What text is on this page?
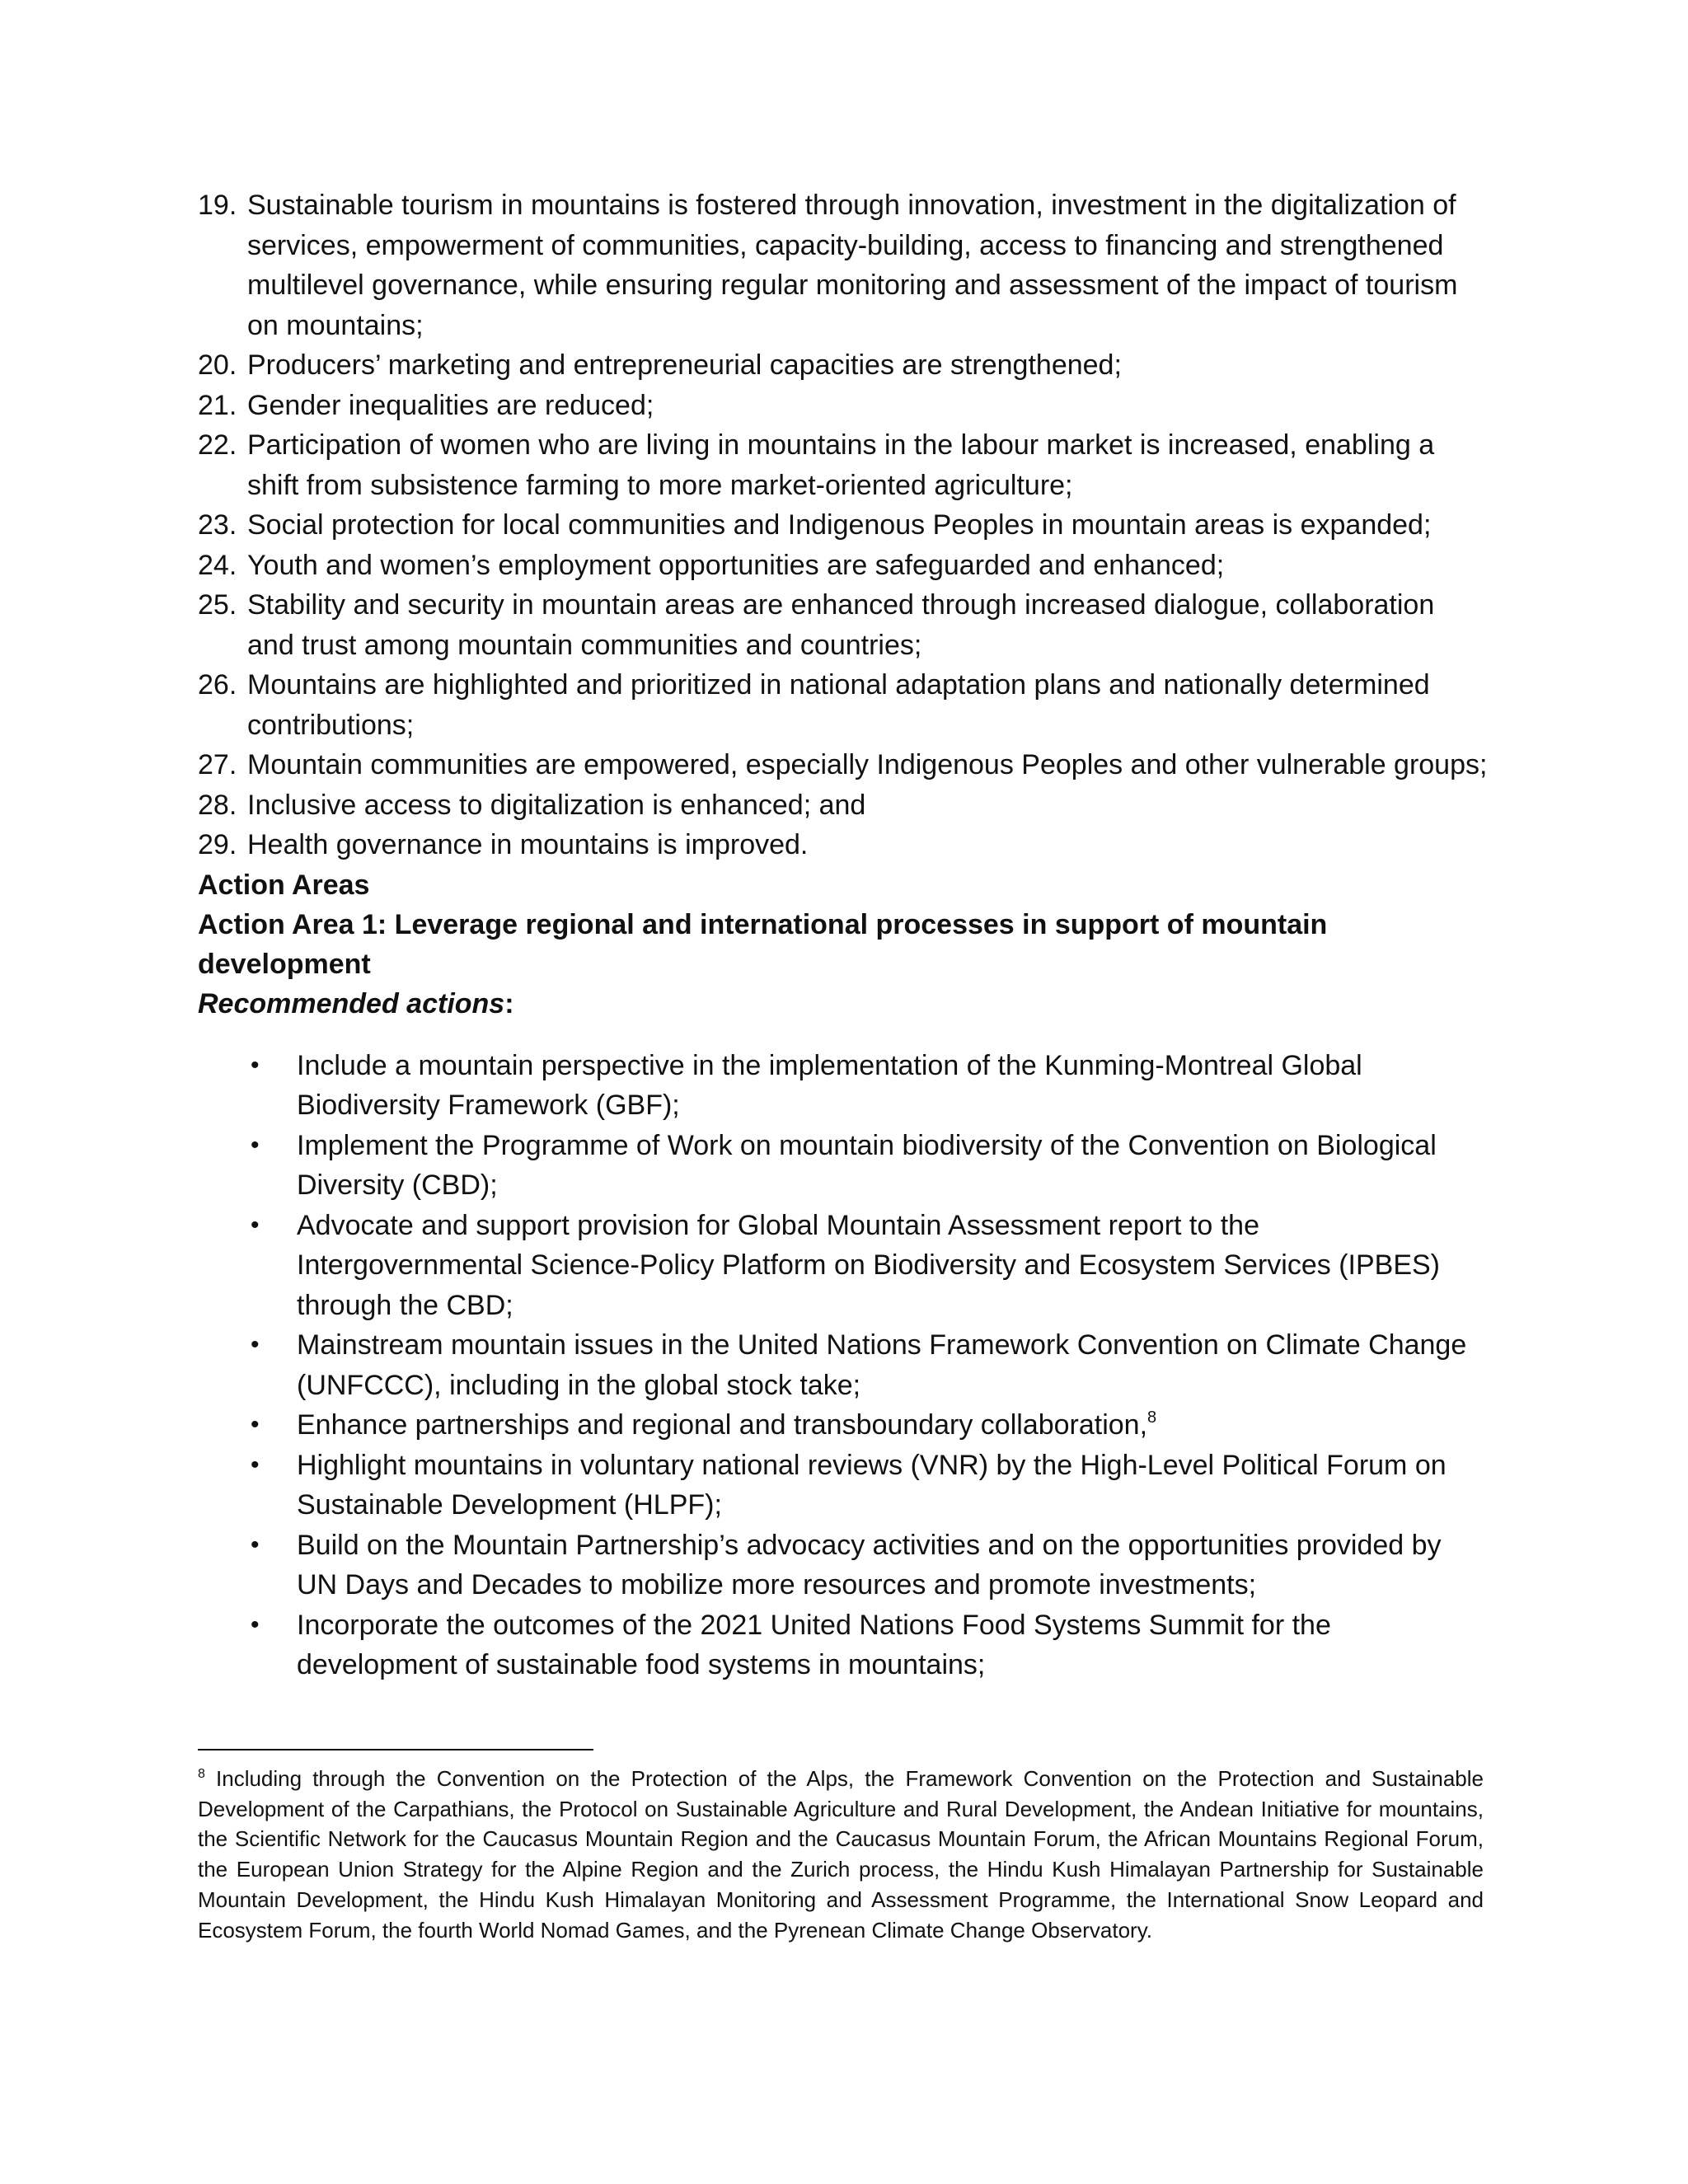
19. Sustainable tourism in mountains is fostered through innovation, investment in the digitalization of services, empowerment of communities, capacity-building, access to financing and strengthened multilevel governance, while ensuring regular monitoring and assessment of the impact of tourism on mountains;
20. Producers’ marketing and entrepreneurial capacities are strengthened;
21. Gender inequalities are reduced;
22. Participation of women who are living in mountains in the labour market is increased, enabling a shift from subsistence farming to more market-oriented agriculture;
23. Social protection for local communities and Indigenous Peoples in mountain areas is expanded;
24. Youth and women’s employment opportunities are safeguarded and enhanced;
25. Stability and security in mountain areas are enhanced through increased dialogue, collaboration and trust among mountain communities and countries;
26. Mountains are highlighted and prioritized in national adaptation plans and nationally determined contributions;
27. Mountain communities are empowered, especially Indigenous Peoples and other vulnerable groups;
28. Inclusive access to digitalization is enhanced; and
29. Health governance in mountains is improved.
Action Areas
Action Area 1: Leverage regional and international processes in support of mountain development
Recommended actions:
• Include a mountain perspective in the implementation of the Kunming-Montreal Global Biodiversity Framework (GBF);
• Implement the Programme of Work on mountain biodiversity of the Convention on Biological Diversity (CBD);
• Advocate and support provision for Global Mountain Assessment report to the Intergovernmental Science-Policy Platform on Biodiversity and Ecosystem Services (IPBES) through the CBD;
• Mainstream mountain issues in the United Nations Framework Convention on Climate Change (UNFCCC), including in the global stock take;
• Enhance partnerships and regional and transboundary collaboration,$^8$
• Highlight mountains in voluntary national reviews (VNR) by the High-Level Political Forum on Sustainable Development (HLPF);
• Build on the Mountain Partnership’s advocacy activities and on the opportunities provided by UN Days and Decades to mobilize more resources and promote investments;
• Incorporate the outcomes of the 2021 United Nations Food Systems Summit for the development of sustainable food systems in mountains;

$^8$ Including through the Convention on the Protection of the Alps, the Framework Convention on the Protection and Sustainable Development of the Carpathians, the Protocol on Sustainable Agriculture and Rural Development, the Andean Initiative for mountains, the Scientific Network for the Caucasus Mountain Region and the Caucasus Mountain Forum, the African Mountains Regional Forum, the European Union Strategy for the Alpine Region and the Zurich process, the Hindu Kush Himalayan Partnership for Sustainable Mountain Development, the Hindu Kush Himalayan Monitoring and Assessment Programme, the International Snow Leopard and Ecosystem Forum, the fourth World Nomad Games, and the Pyrenean Climate Change Observatory.
